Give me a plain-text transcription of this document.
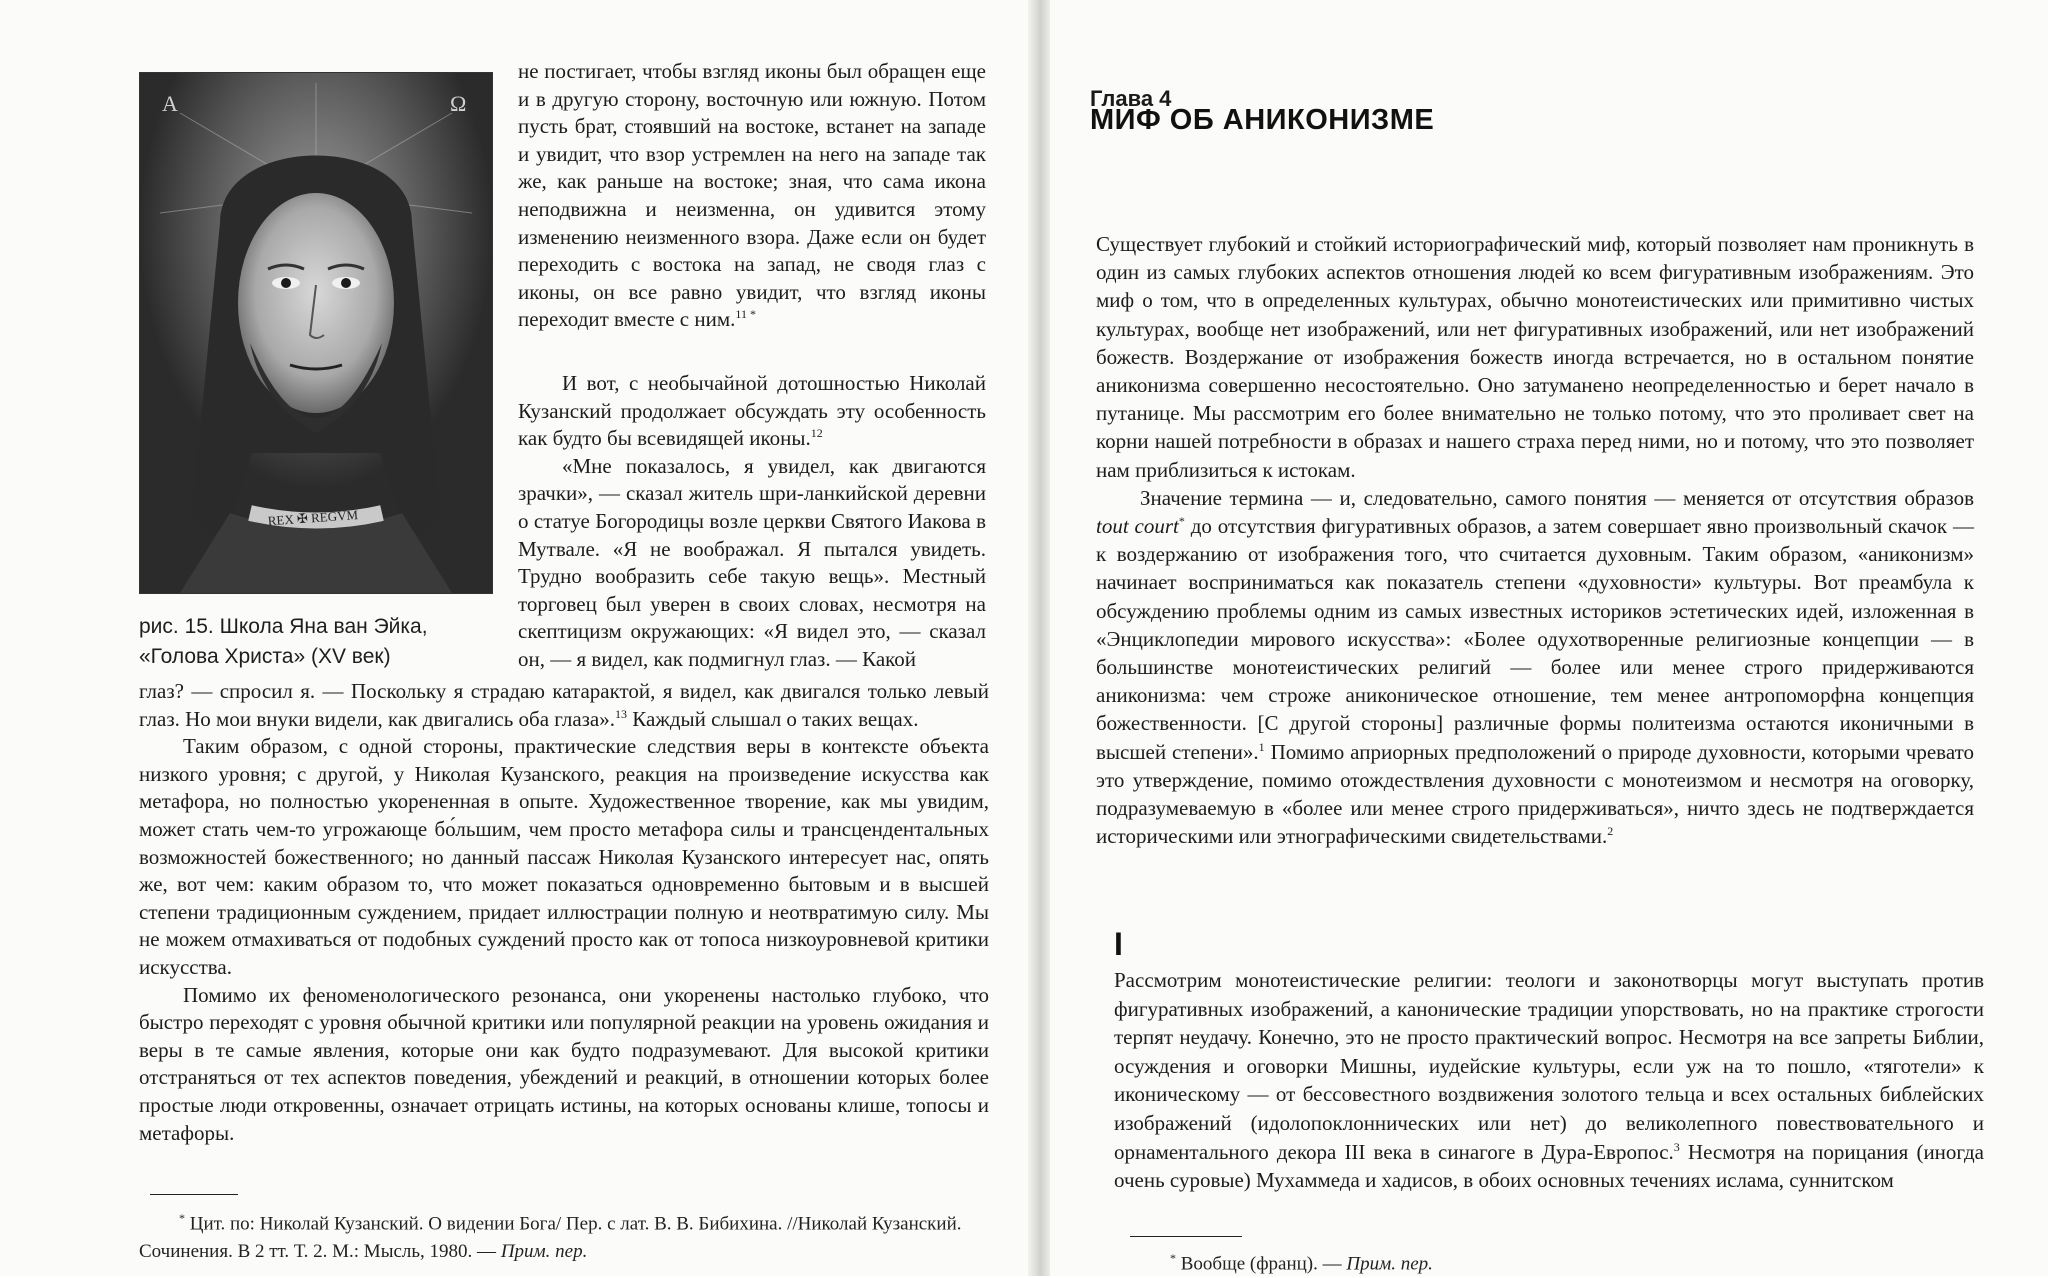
A	Ω
REX ✠ REGVM
рис. 15. Школа Яна ван Эйка,
«Голова Христа» (XV век)

не постигает, чтобы взгляд иконы был обращен еще и в другую сторону, восточную или южную. Потом пусть брат, стоявший на востоке, встанет на западе и увидит, что взор устремлен на него на западе так же, как раньше на востоке; зная, что сама икона неподвижна и неизменна, он удивится этому изменению неизменного взора. Даже если он будет переходить с востока на запад, не сводя глаз с иконы, он все равно увидит, что взгляд иконы переходит вместе с ним.$^{11 *}$

И вот, с необычайной дотошностью Николай Кузанский продолжает обсуждать эту особенность как будто бы всевидящей иконы.$^{12}$

«Мне показалось, я увидел, как двигаются зрачки», — сказал житель шри-ланкийской деревни о статуе Богородицы возле церкви Святого Иакова в Мутвале. «Я не воображал. Я пытался увидеть. Трудно вообразить себе такую вещь». Местный торговец был уверен в своих словах, несмотря на скептицизм окружающих: «Я видел это, — сказал он, — я видел, как подмигнул глаз. — Какой

глаз? — спросил я. — Поскольку я страдаю катарактой, я видел, как двигался только левый глаз. Но мои внуки видели, как двигались оба глаза».$^{13}$ Каждый слышал о таких вещах.

Таким образом, с одной стороны, практические следствия веры в контексте объекта низкого уровня; с другой, у Николая Кузанского, реакция на произведение искусства как метафора, но полностью укорененная в опыте. Художественное творение, как мы увидим, может стать чем-то угрожающе бо́льшим, чем просто метафора силы и трансцендентальных возможностей божественного; но данный пассаж Николая Кузанского интересует нас, опять же, вот чем: каким образом то, что может показаться одновременно бытовым и в высшей степени традиционным суждением, придает иллюстрации полную и неотвратимую силу. Мы не можем отмахиваться от подобных суждений просто как от топоса низкоуровневой критики искусства.

Помимо их феноменологического резонанса, они укоренены настолько глубоко, что быстро переходят с уровня обычной критики или популярной реакции на уровень ожидания и веры в те самые явления, которые они как будто подразумевают. Для высокой критики отстраняться от тех аспектов поведения, убеждений и реакций, в отношении которых более простые люди откровенны, означает отрицать истины, на которых основаны клише, топосы и метафоры.

* Цит. по: Николай Кузанский. О видении Бога/ Пер. с лат. В. В. Бибихина. //Николай Кузанский. Сочинения. В 2 тт. Т. 2. М.: Мысль, 1980. — Прим. пер.
Глава 4
МИФ ОБ АНИКОНИЗМЕ

Существует глубокий и стойкий историографический миф, который позволяет нам проникнуть в один из самых глубоких аспектов отношения людей ко всем фигуративным изображениям. Это миф о том, что в определенных культурах, обычно монотеистических или примитивно чистых культурах, вообще нет изображений, или нет фигуративных изображений, или нет изображений божеств. Воздержание от изображения божеств иногда встречается, но в остальном понятие аниконизма совершенно несостоятельно. Оно затуманено неопределенностью и берет начало в путанице. Мы рассмотрим его более внимательно не только потому, что это проливает свет на корни нашей потребности в образах и нашего страха перед ними, но и потому, что это позволяет нам приблизиться к истокам.

Значение термина — и, следовательно, самого понятия — меняется от отсутствия образов tout court* до отсутствия фигуративных образов, а затем совершает явно произвольный скачок — к воздержанию от изображения того, что считается духовным. Таким образом, «аниконизм» начинает восприниматься как показатель степени «духовности» культуры. Вот преамбула к обсуждению проблемы одним из самых известных историков эстетических идей, изложенная в «Энциклопедии мирового искусства»: «Более одухотворенные религиозные концепции — в большинстве монотеистических религий — более или менее строго придерживаются аниконизма: чем строже аниконическое отношение, тем менее антропоморфна концепция божественности. [С другой стороны] различные формы политеизма остаются иконичными в высшей степени».$^1$ Помимо априорных предположений о природе духовности, которыми чревато это утверждение, помимо отождествления духовности с монотеизмом и несмотря на оговорку, подразумеваемую в «более или менее строго придерживаться», ничто здесь не подтверждается историческими или этнографическими свидетельствами.$^2$

I

Рассмотрим монотеистические религии: теологи и законотворцы могут выступать против фигуративных изображений, а канонические традиции упорствовать, но на практике строгости терпят неудачу. Конечно, это не просто практический вопрос. Несмотря на все запреты Библии, осуждения и оговорки Мишны, иудейские культуры, если уж на то пошло, «тяготели» к иконическому — от бессовестного воздвижения золотого тельца и всех остальных библейских изображений (идолопоклоннических или нет) до великолепного повествовательного и орнаментального декора III века в синагоге в Дура-Европос.$^3$ Несмотря на порицания (иногда очень суровые) Мухаммеда и хадисов, в обоих основных течениях ислама, суннитском

* Вообще (франц). — Прим. пер.
